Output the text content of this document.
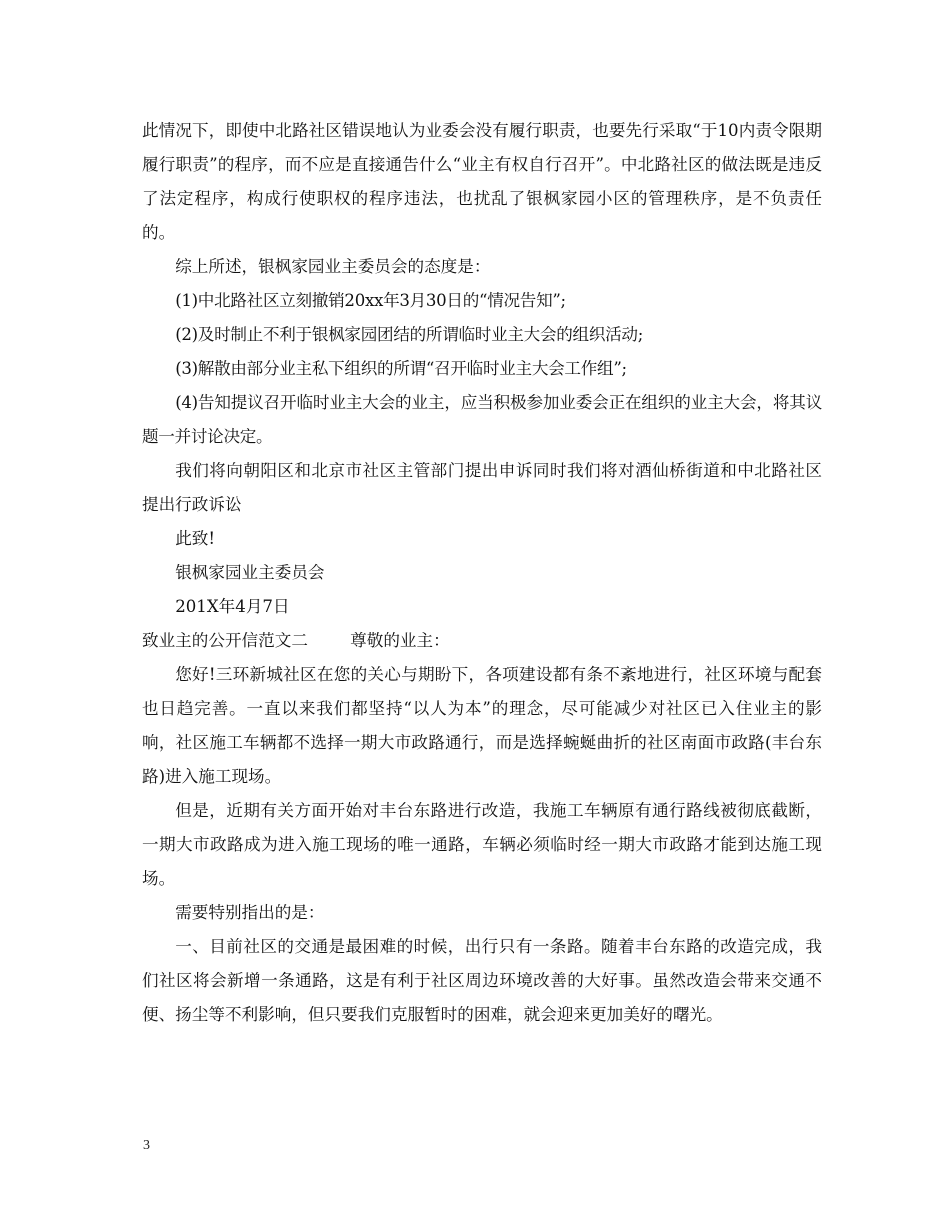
此情况下，即使中北路社区错误地认为业委会没有履行职责，也要先行采取“于10内责令限期履行职责”的程序，而不应是直接通告什么“业主有权自行召开”。中北路社区的做法既是违反了法定程序，构成行使职权的程序违法，也扰乱了银枫家园小区的管理秩序，是不负责任的。

综上所述，银枫家园业主委员会的态度是：

(1)中北路社区立刻撤销20xx年3月30日的“情况告知”;

(2)及时制止不利于银枫家园团结的所谓临时业主大会的组织活动;

(3)解散由部分业主私下组织的所谓“召开临时业主大会工作组”;

(4)告知提议召开临时业主大会的业主，应当积极参加业委会正在组织的业主大会，将其议题一并讨论决定。

我们将向朝阳区和北京市社区主管部门提出申诉同时我们将对酒仙桥街道和中北路社区提出行政诉讼

此致!

银枫家园业主委员会

201X年4月7日

致业主的公开信范文二        尊敬的业主：

您好!三环新城社区在您的关心与期盼下，各项建设都有条不紊地进行，社区环境与配套也日趋完善。一直以来我们都坚持“以人为本”的理念，尽可能减少对社区已入住业主的影响，社区施工车辆都不选择一期大市政路通行，而是选择蜿蜒曲折的社区南面市政路(丰台东路)进入施工现场。

但是，近期有关方面开始对丰台东路进行改造，我施工车辆原有通行路线被彻底截断，一期大市政路成为进入施工现场的唯一通路，车辆必须临时经一期大市政路才能到达施工现场。

需要特别指出的是：

一、目前社区的交通是最困难的时候，出行只有一条路。随着丰台东路的改造完成，我们社区将会新增一条通路，这是有利于社区周边环境改善的大好事。虽然改造会带来交通不便、扬尘等不利影响，但只要我们克服暂时的困难，就会迎来更加美好的曙光。

3
